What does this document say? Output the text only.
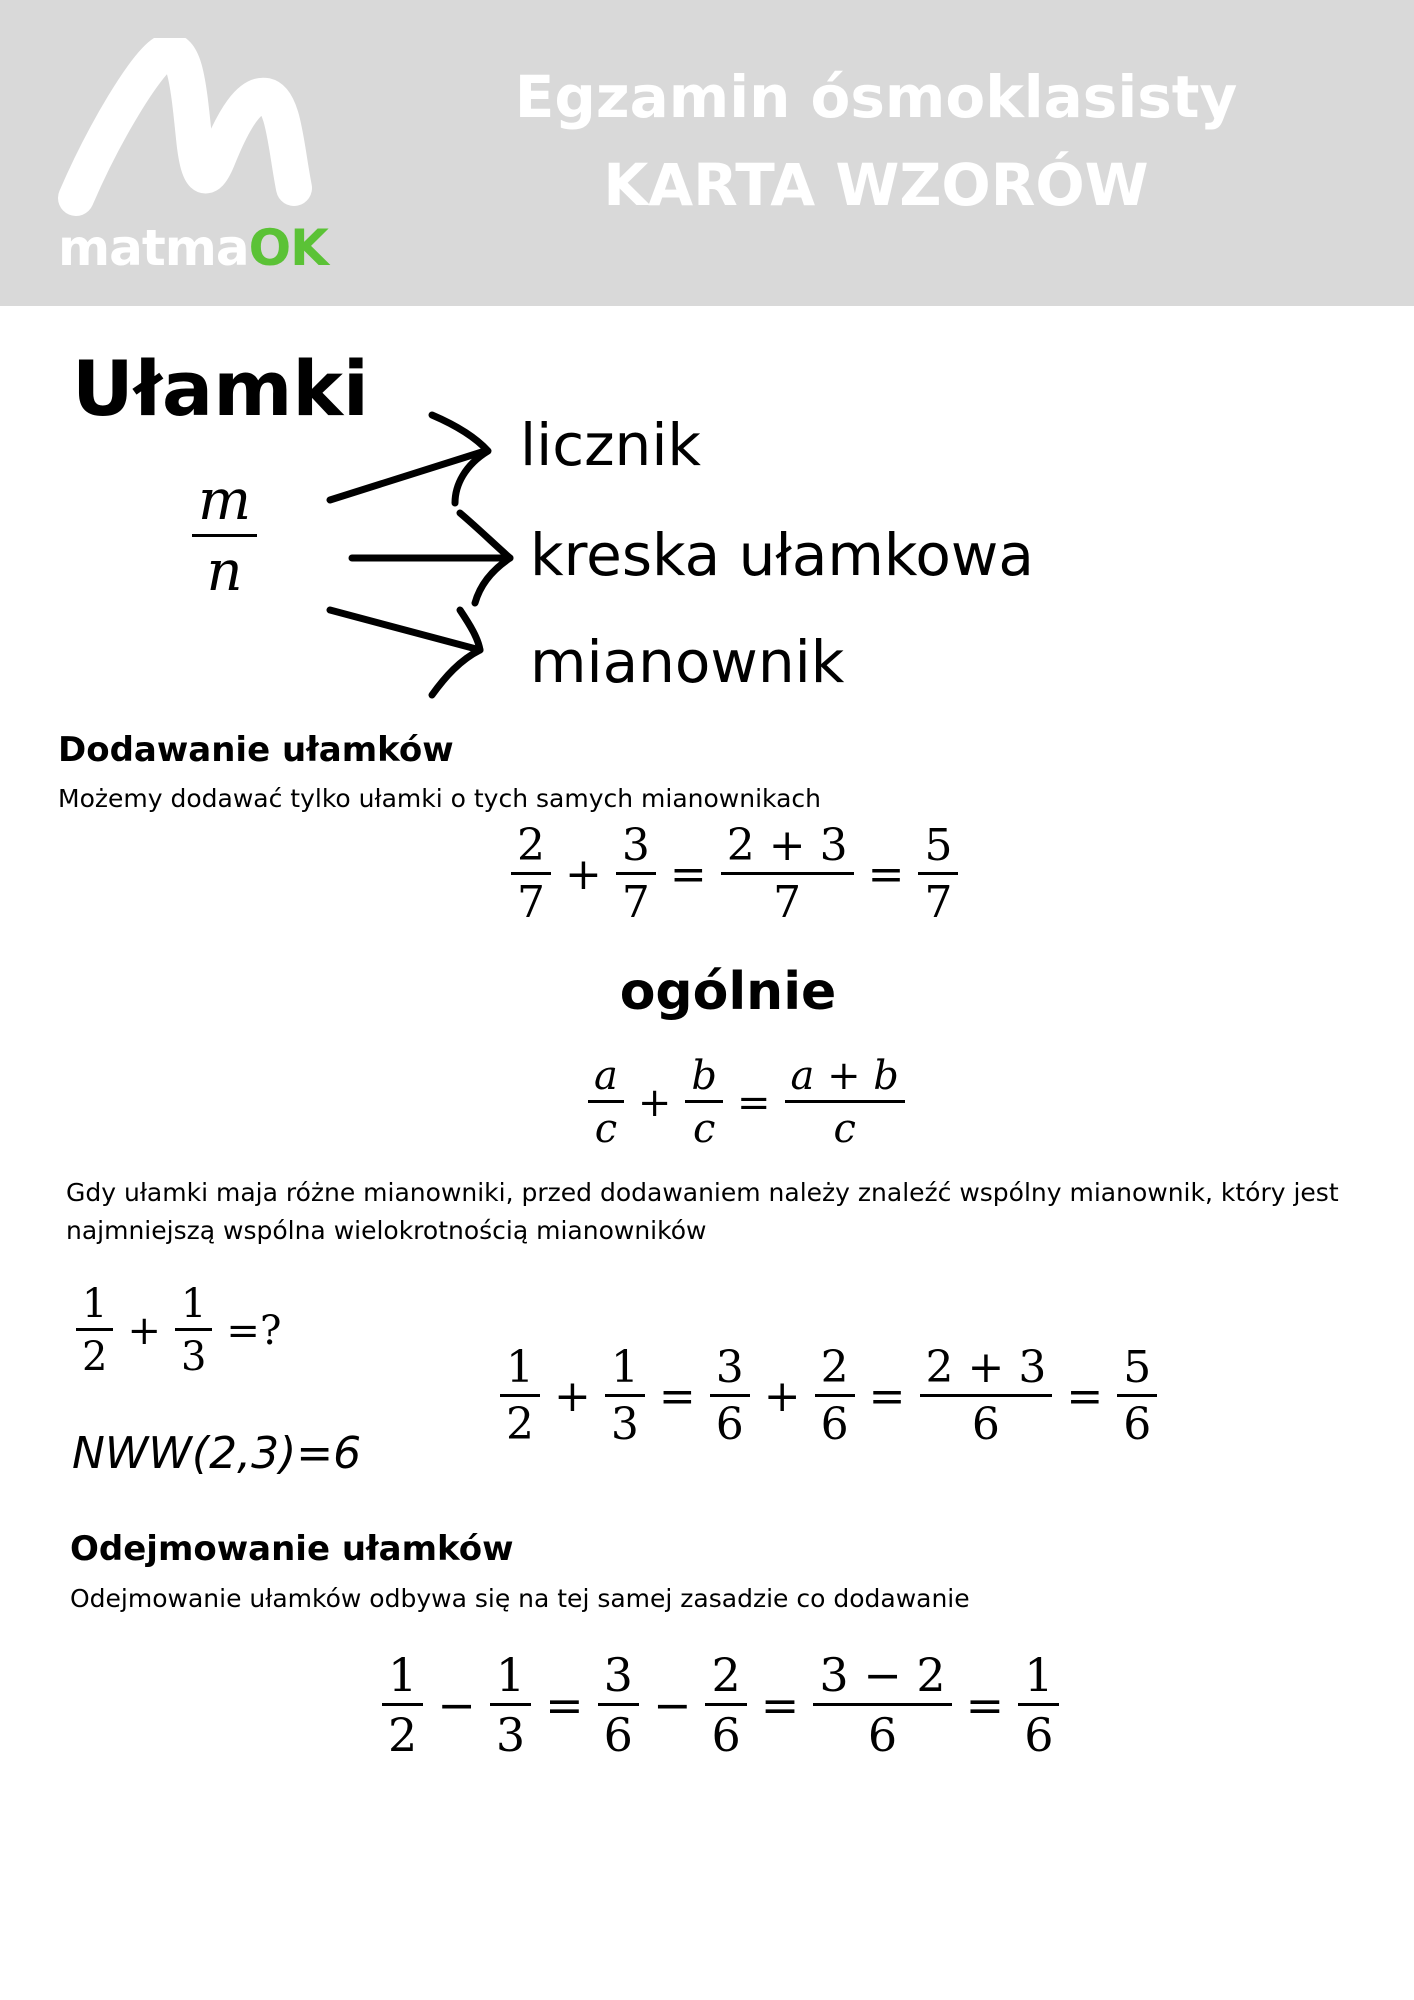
matmaOK
Egzamin ósmoklasisty
KARTA WZORÓW
Ułamki
$\frac{m}{n}$
licznik
kreska ułamkowa
mianownik
Dodawanie ułamków
Możemy dodawać tylko ułamki o tych samych mianownikach
$\frac{2}{7} + \frac{3}{7} = \frac{2 + 3}{7} = \frac{5}{7}$
ogólnie
$\frac{a}{c} + \frac{b}{c} = \frac{a + b}{c}$
Gdy ułamki maja różne mianowniki, przed dodawaniem należy znaleźć wspólny mianownik, który jest najmniejszą wspólna wielokrotnością mianowników
$\frac{1}{2} + \frac{1}{3}$ =?
NWW(2,3)=6
$\frac{1}{2} + \frac{1}{3} = \frac{3}{6} + \frac{2}{6} = \frac{2 + 3}{6} = \frac{5}{6}$
Odejmowanie ułamków
Odejmowanie ułamków odbywa się na tej samej zasadzie co dodawanie
$\frac{1}{2} - \frac{1}{3} = \frac{3}{6} - \frac{2}{6} = \frac{3 - 2}{6} = \frac{1}{6}$
